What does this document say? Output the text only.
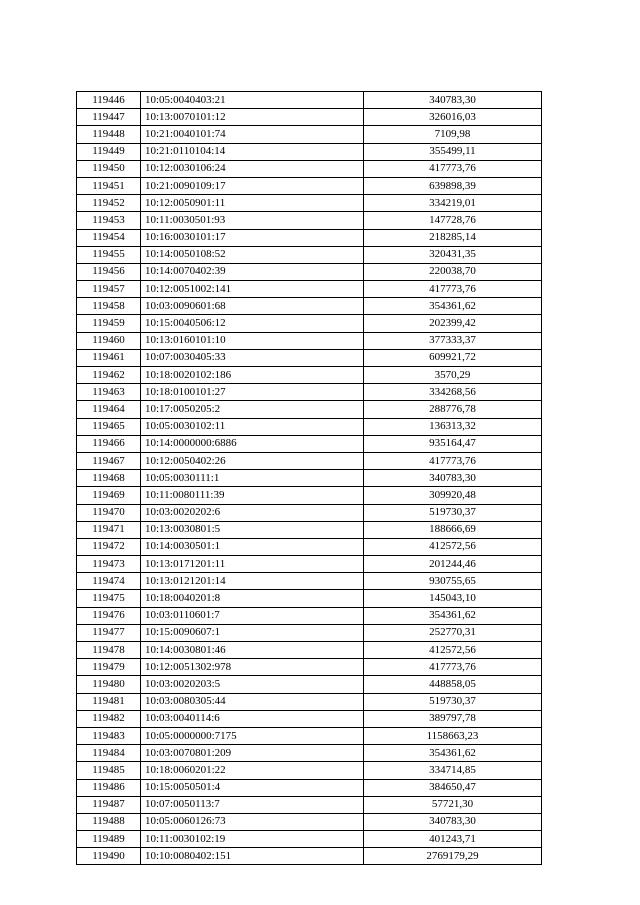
119446	10:05:0040403:21	340783,30
119447	10:13:0070101:12	326016,03
119448	10:21:0040101:74	7109,98
119449	10:21:0110104:14	355499,11
119450	10:12:0030106:24	417773,76
119451	10:21:0090109:17	639898,39
119452	10:12:0050901:11	334219,01
119453	10:11:0030501:93	147728,76
119454	10:16:0030101:17	218285,14
119455	10:14:0050108:52	320431,35
119456	10:14:0070402:39	220038,70
119457	10:12:0051002:141	417773,76
119458	10:03:0090601:68	354361,62
119459	10:15:0040506:12	202399,42
119460	10:13:0160101:10	377333,37
119461	10:07:0030405:33	609921,72
119462	10:18:0020102:186	3570,29
119463	10:18:0100101:27	334268,56
119464	10:17:0050205:2	288776,78
119465	10:05:0030102:11	136313,32
119466	10:14:0000000:6886	935164,47
119467	10:12:0050402:26	417773,76
119468	10:05:0030111:1	340783,30
119469	10:11:0080111:39	309920,48
119470	10:03:0020202:6	519730,37
119471	10:13:0030801:5	188666,69
119472	10:14:0030501:1	412572,56
119473	10:13:0171201:11	201244,46
119474	10:13:0121201:14	930755,65
119475	10:18:0040201:8	145043,10
119476	10:03:0110601:7	354361,62
119477	10:15:0090607:1	252770,31
119478	10:14:0030801:46	412572,56
119479	10:12:0051302:978	417773,76
119480	10:03:0020203:5	448858,05
119481	10:03:0080305:44	519730,37
119482	10:03:0040114:6	389797,78
119483	10:05:0000000:7175	1158663,23
119484	10:03:0070801:209	354361,62
119485	10:18:0060201:22	334714,85
119486	10:15:0050501:4	384650,47
119487	10:07:0050113:7	57721,30
119488	10:05:0060126:73	340783,30
119489	10:11:0030102:19	401243,71
119490	10:10:0080402:151	2769179,29
